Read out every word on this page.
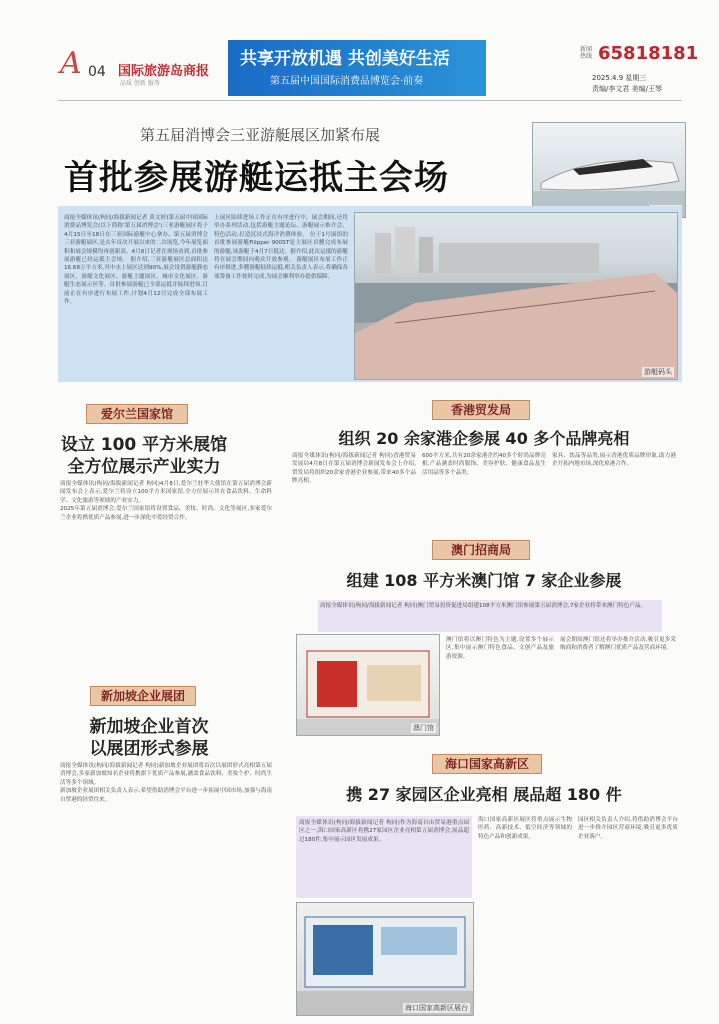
A 04 国际旅游岛商报
品质 创新 服务
共享开放机遇 共创美好生活
第五届中国国际消费品博览会·前奏
新闻热线 65818181
2025.4.9 星期三
责编/李文君 美编/王琴
第五届消博会三亚游艇展区加紧布展
首批参展游艇运抵主会场
商报全媒体讯(枸同/海拔新闻记者 黄文婷)第五届中国国际消费品博览会(以下简称'第五届消博会')三亚游艇展区将于4月15日至18日在三亚国际游艇中心拿办。第五届消博会三亚游艇展区,是去年首次开展以来的二次展览,今年展览面积和展会规模均再创新高。4月8日记者在现场看到,首批参展游艇已经运抵主会场。 据介绍,三亚游艇展区总面积达16.68万平方米,其中水上展区达到90%,展会设置游艇静态展区、游艇文化展区、游艇主题展区、城市文化展区、游艇生态展示区等。首批参展游艇已全部运抵并陆续进场,目前正在有序进行布展工作,计划4月12日完成全部布展工作。
上展区陆续进场工作正在有序进行中。展会期间,还将举办系列活动,包括游艇主题论坛、游艇展示推介会、特色活动,打造沉浸式海洋消费体验。 位于1号展馆的首批参展游艇Filipper 900ST是主展区首艘完成布展的游艇,该游艇于4月7日抵达。据介绍,此次运抵的游艇将在展会期间向观众开放参观。 游艇展区布展工作正有序推进,多艘游艇陆续运抵,相关负责人表示,将确保各项筹备工作按时完成,为展会顺利举办提供保障。
游艇码头
爱尔兰国家馆
设立 100 平方米展馆
全方位展示产业实力
商报全媒体讯(枸同/海拔新闻记者 枸同)4月8日,爱尔兰驻华大使馆在第五届消博会新闻发布会上表示,爱尔兰将设立100平方米国家馆,全方位展示其在食品饮料、生命科学、文化旅游等领域的产业实力。
2025年第五届消博会,爱尔兰国家馆将设置食品、美妆、时尚、文化等展区,多家爱尔兰企业将携优质产品参展,进一步深化中爱经贸合作。
新加坡企业展团
新加坡企业首次
以展团形式参展
商报全媒体讯(枸同/海拔新闻记者 枸同)新加坡企业展团将首次以展团形式亮相第五届消博会,多家新加坡知名企业将携旗下优质产品参展,涵盖食品饮料、美妆个护、时尚生活等多个领域。
新加坡企业展团相关负责人表示,希望借助消博会平台进一步拓展中国市场,加强与海南自贸港的经贸往来。
香港贸发局
组织 20 余家港企参展 40 多个品牌亮相
商报全媒体讯(枸同/海拔新闻记者 枸同)香港贸易发展局4月8日在第五届消博会新闻发布会上介绍,贸发局将组织20余家香港企业参展,带来40多个品牌亮相。
600平方米,共有20余家港企约40多个时尚品牌亮相,产品涵盖时尚服饰、美容护肤、健康食品及生活用品等多个品类。
家具、饮品等品类,展示香港优质品牌形象,助力港企开拓内地市场,深化琼港合作。
澳门招商局
组建 108 平方米澳门馆 7 家企业参展
商报全媒体讯(枸同/海拔新闻记者 枸同)澳门贸易投资促进局组建108平方米澳门馆参展第五届消博会,7家企业将带来澳门特色产品。
澳门馆
澳门馆将以澳门特色为主题,设置多个展示区,集中展示澳门特色食品、文创产品及旅游资源。
展会期间澳门馆还将举办推介活动,吸引更多采购商和消费者了解澳门优质产品及营商环境。
海口国家高新区
携 27 家园区企业亮相 展品超 180 件
商报全媒体讯(枸同/海拔新闻记者 枸同)作为海南自由贸易港重点园区之一,海口国家高新区将携27家园区企业亮相第五届消博会,展品超过180件,集中展示园区发展成果。
海口国家高新区展台
海口国家高新区展区将重点展示生物医药、高新技术、低空经济等领域的特色产品和创新成果。
园区相关负责人介绍,将借助消博会平台进一步推介园区营商环境,吸引更多优质企业落户。
